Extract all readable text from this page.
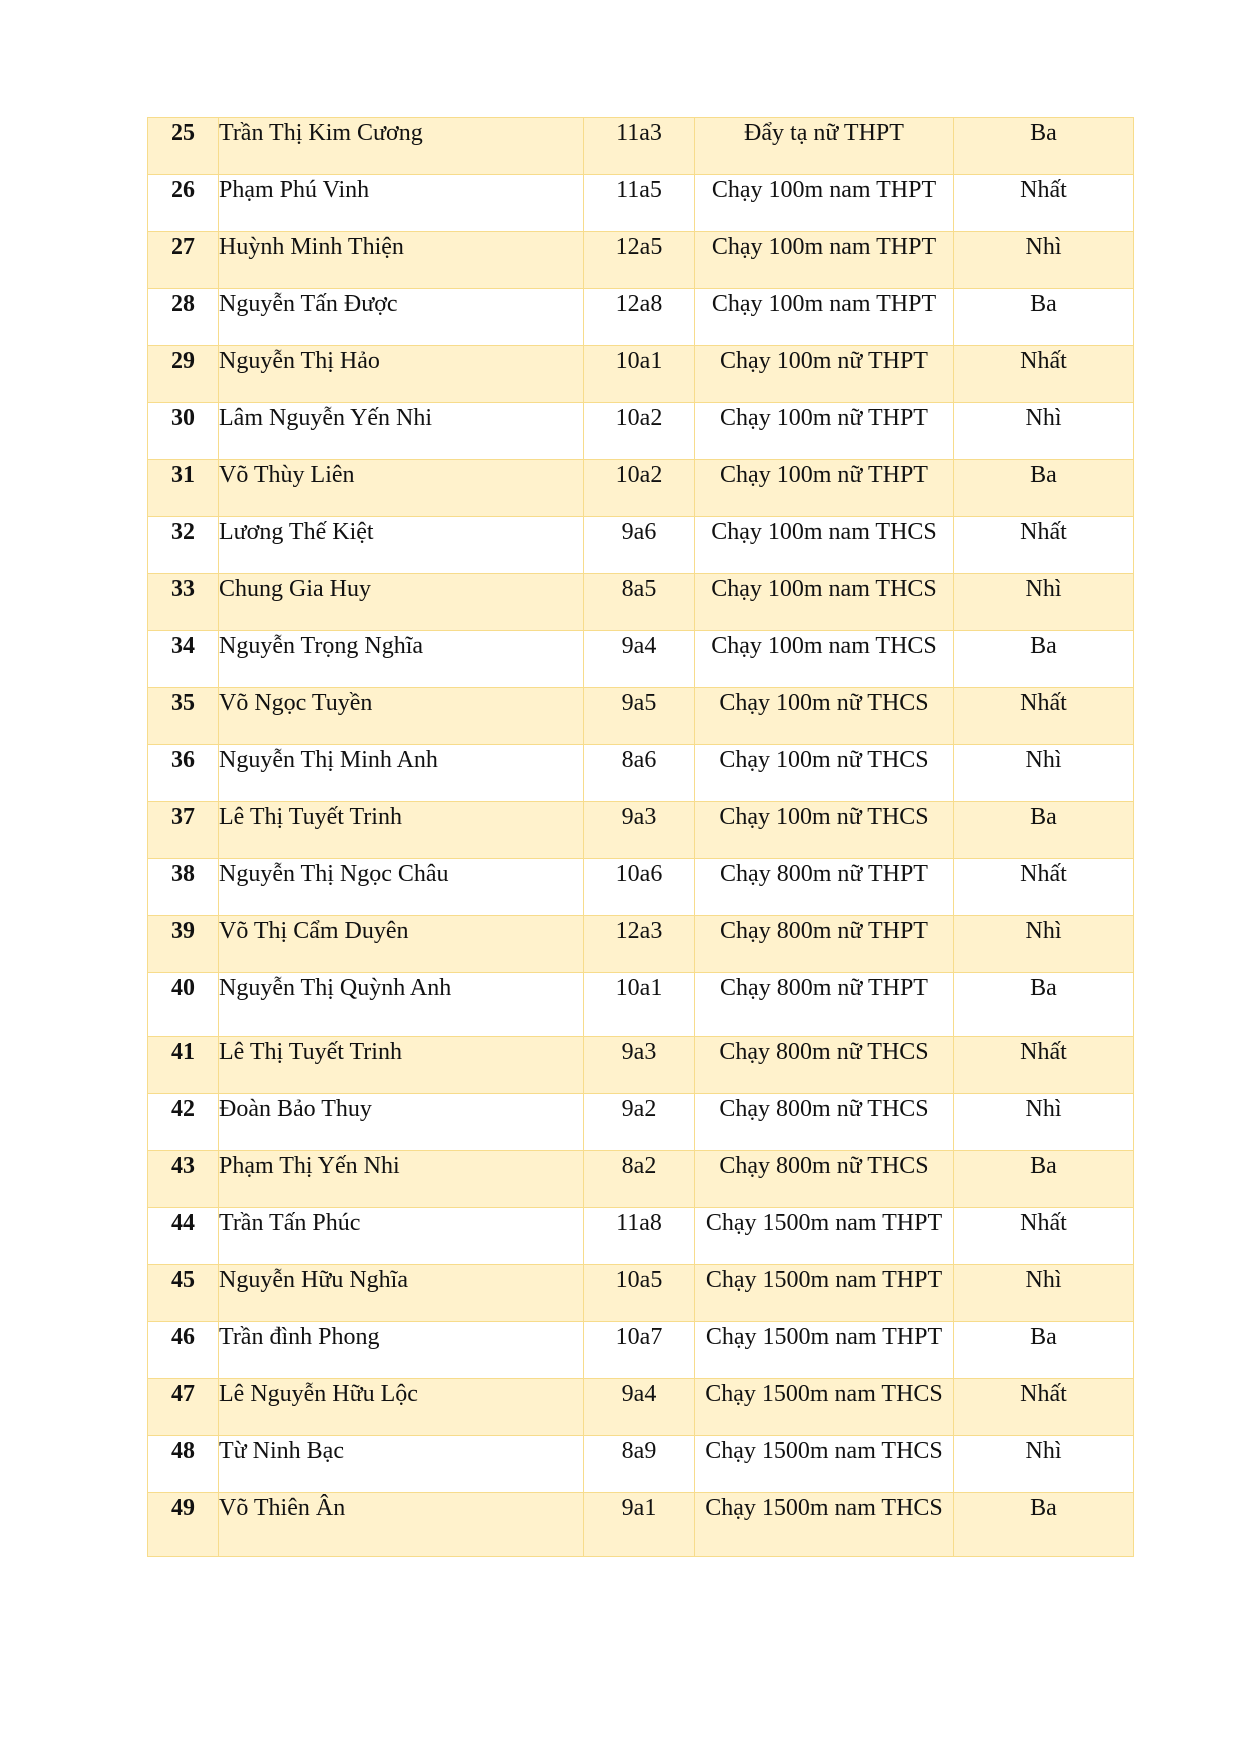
25	Trần Thị Kim Cương	11a3	Đẩy tạ nữ THPT	Ba

26	Phạm Phú Vinh	11a5	Chạy 100m nam THPT	Nhất

27	Huỳnh Minh Thiện	12a5	Chạy 100m nam THPT	Nhì

28	Nguyễn Tấn Được	12a8	Chạy 100m nam THPT	Ba

29	Nguyễn Thị Hảo	10a1	Chạy 100m nữ THPT	Nhất

30	Lâm Nguyễn Yến Nhi	10a2	Chạy 100m nữ THPT	Nhì

31	Võ Thùy Liên	10a2	Chạy 100m nữ THPT	Ba

32	Lương Thế Kiệt	9a6	Chạy 100m nam THCS	Nhất

33	Chung Gia Huy	8a5	Chạy 100m nam THCS	Nhì

34	Nguyễn Trọng Nghĩa	9a4	Chạy 100m nam THCS	Ba

35	Võ Ngọc Tuyền	9a5	Chạy 100m nữ THCS	Nhất

36	Nguyễn Thị Minh Anh	8a6	Chạy 100m nữ THCS	Nhì

37	Lê Thị Tuyết Trinh	9a3	Chạy 100m nữ THCS	Ba

38	Nguyễn Thị Ngọc Châu	10a6	Chạy 800m nữ THPT	Nhất

39	Võ Thị Cẩm Duyên	12a3	Chạy 800m nữ THPT	Nhì

40	Nguyễn Thị Quỳnh Anh	10a1	Chạy 800m nữ THPT	Ba

41	Lê Thị Tuyết Trinh	9a3	Chạy 800m nữ THCS	Nhất

42	Đoàn Bảo Thuy	9a2	Chạy 800m nữ THCS	Nhì

43	Phạm Thị Yến Nhi	8a2	Chạy 800m nữ THCS	Ba

44	Trần Tấn Phúc	11a8	Chạy 1500m nam THPT	Nhất

45	Nguyễn Hữu Nghĩa	10a5	Chạy 1500m nam THPT	Nhì

46	Trần đình Phong	10a7	Chạy 1500m nam THPT	Ba

47	Lê Nguyễn Hữu Lộc	9a4	Chạy 1500m nam THCS	Nhất

48	Từ Ninh Bạc	8a9	Chạy 1500m nam THCS	Nhì

49	Võ Thiên Ân	9a1	Chạy 1500m nam THCS	Ba
